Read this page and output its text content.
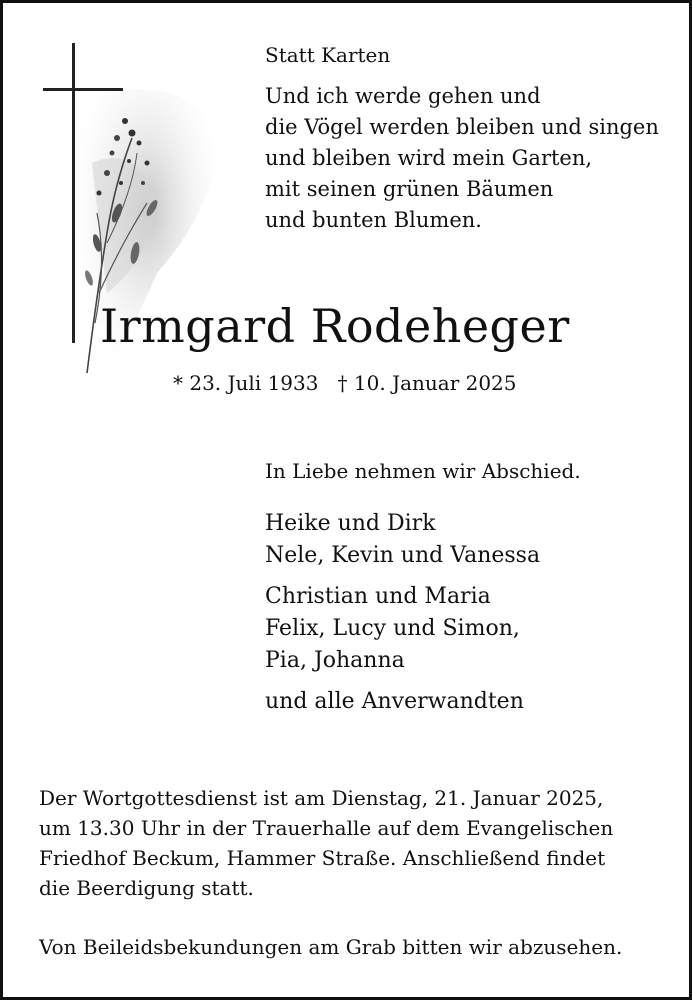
Statt Karten
Und ich werde gehen und
die Vögel werden bleiben und singen
und bleiben wird mein Garten,
mit seinen grünen Bäumen
und bunten Blumen.
Irmgard Rodeheger
* 23. Juli 1933   † 10. Januar 2025
In Liebe nehmen wir Abschied.
Heike und Dirk
Nele, Kevin und Vanessa
Christian und Maria
Felix, Lucy und Simon,
Pia, Johanna
und alle Anverwandten
Der Wortgottesdienst ist am Dienstag, 21. Januar 2025,
um 13.30 Uhr in der Trauerhalle auf dem Evangelischen
Friedhof Beckum, Hammer Straße. Anschließend findet
die Beerdigung statt.
Von Beileidsbekundungen am Grab bitten wir abzusehen.
